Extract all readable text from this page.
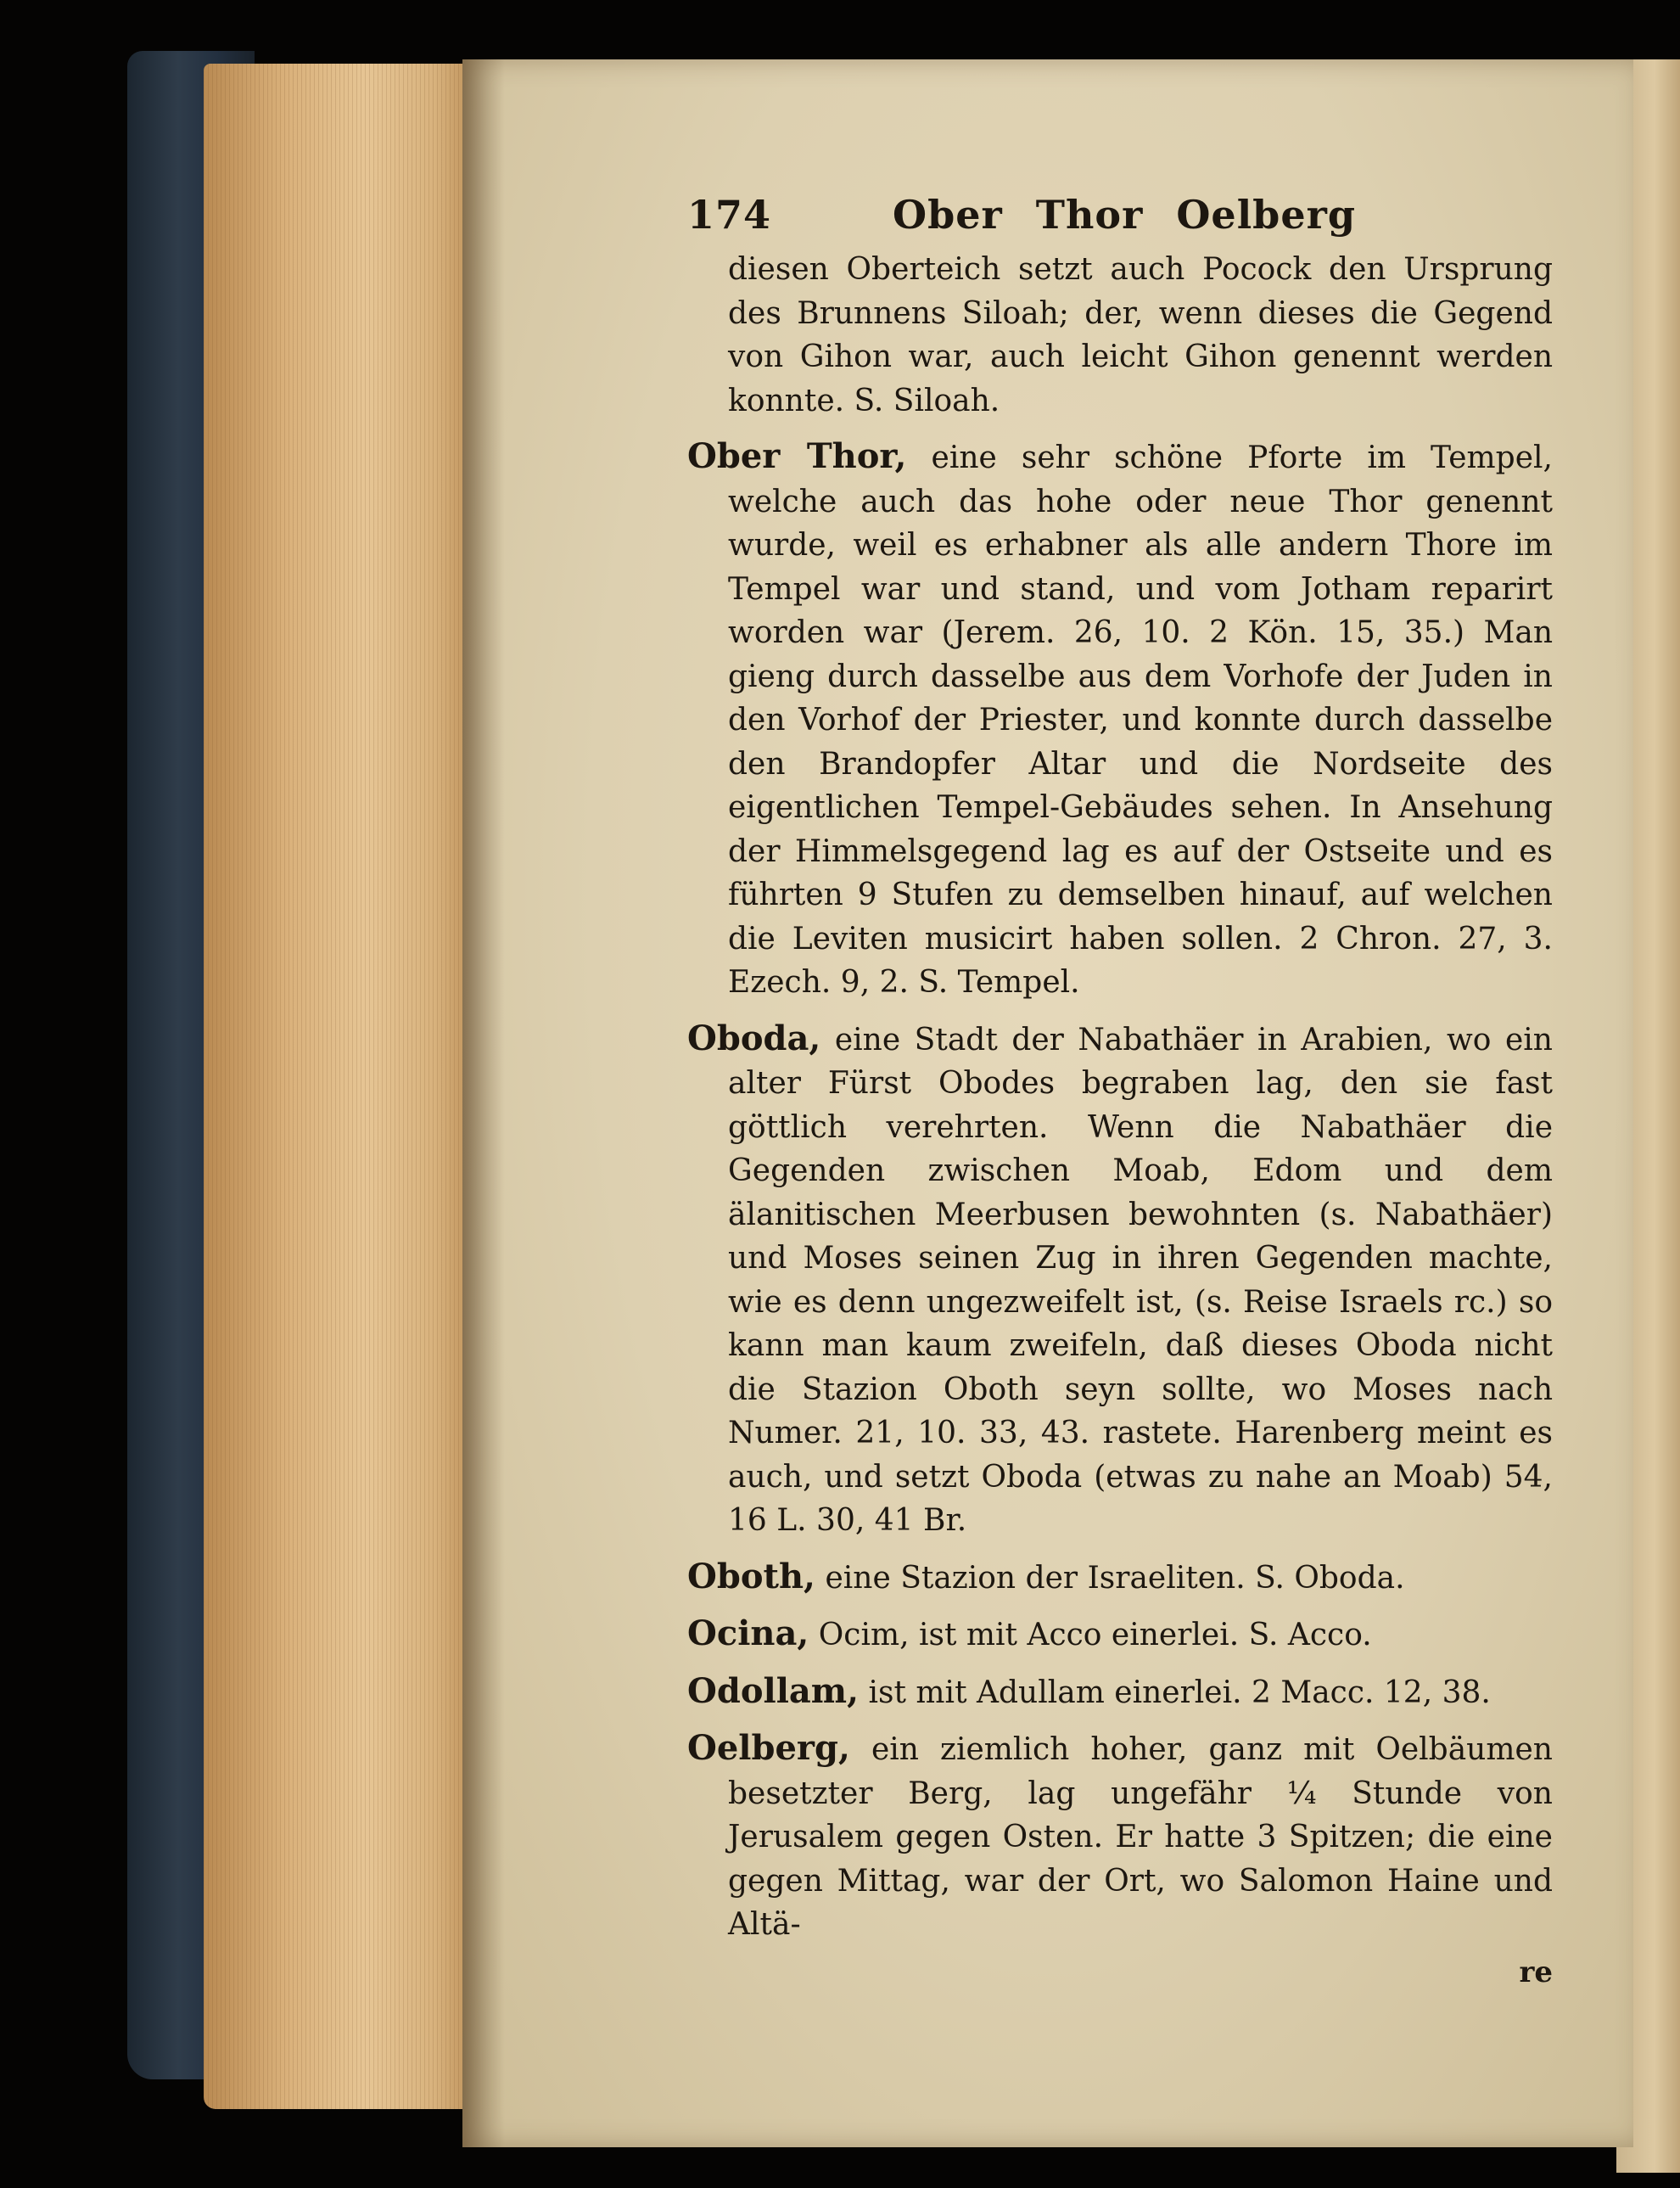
174	Ober Thor Oelberg

diesen Oberteich setzt auch Pocock den Ursprung des Brunnens Siloah; der, wenn dieses die Gegend von Gihon war, auch leicht Gihon genennt werden konnte. S. Siloah.

Ober Thor, eine sehr schöne Pforte im Tempel, welche auch das hohe oder neue Thor genennt wurde, weil es erhabner als alle andern Thore im Tempel war und stand, und vom Jotham reparirt worden war (Jerem. 26, 10. 2 Kön. 15, 35.) Man gieng durch dasselbe aus dem Vorhofe der Juden in den Vorhof der Priester, und konnte durch dasselbe den Brandopfer Altar und die Nordseite des eigentlichen Tempel-Gebäudes sehen. In Ansehung der Himmelsgegend lag es auf der Ostseite und es führten 9 Stufen zu demselben hinauf, auf welchen die Leviten musicirt haben sollen. 2 Chron. 27, 3. Ezech. 9, 2. S. Tempel.

Oboda, eine Stadt der Nabathäer in Arabien, wo ein alter Fürst Obodes begraben lag, den sie fast göttlich verehrten. Wenn die Nabathäer die Gegenden zwischen Moab, Edom und dem älanitischen Meerbusen bewohnten (s. Nabathäer) und Moses seinen Zug in ihren Gegenden machte, wie es denn ungezweifelt ist, (s. Reise Israels rc.) so kann man kaum zweifeln, daß dieses Oboda nicht die Stazion Oboth seyn sollte, wo Moses nach Numer. 21, 10. 33, 43. rastete. Harenberg meint es auch, und setzt Oboda (etwas zu nahe an Moab) 54, 16 L. 30, 41 Br.

Oboth, eine Stazion der Israeliten. S. Oboda.

Ocina, Ocim, ist mit Acco einerlei. S. Acco.

Odollam, ist mit Adullam einerlei. 2 Macc. 12, 38.

Oelberg, ein ziemlich hoher, ganz mit Oelbäumen besetzter Berg, lag ungefähr ¼ Stunde von Jerusalem gegen Osten. Er hatte 3 Spitzen; die eine gegen Mittag, war der Ort, wo Salomon Haine und Altä-

re
